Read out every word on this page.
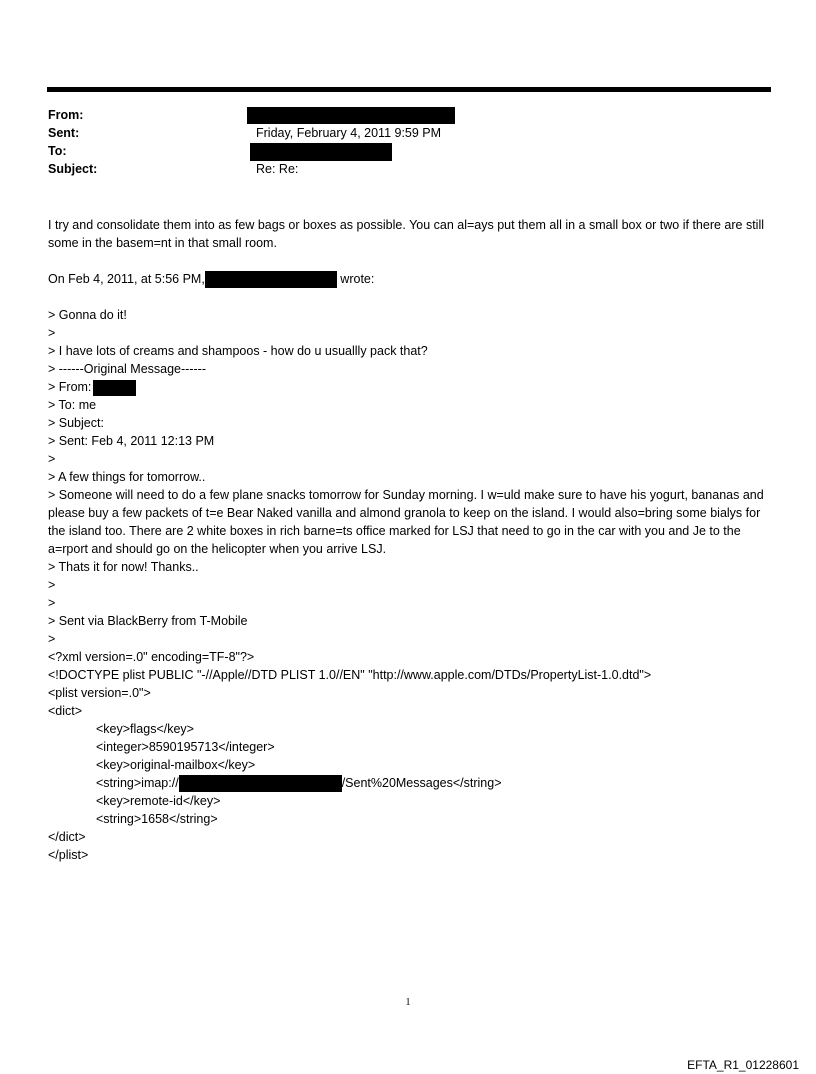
From:
Sent:	Friday, February 4, 2011 9:59 PM
To:
Subject:	Re: Re:

I try and consolidate them into as few bags or boxes as possible. You can al=ays put them all in a small box or two if there are still some in the basem=nt in that small room.

On Feb 4, 2011, at 5:56 PM,	wrote:

> Gonna do it!

>

> I have lots of creams and shampoos - how do u usuallly pack that?

> ------Original Message------

> From:

> To: me

> Subject:

> Sent: Feb 4, 2011 12:13 PM

>

> A few things for tomorrow..

> Someone will need to do a few plane snacks tomorrow for Sunday morning. I w=uld make sure to have his yogurt, bananas and please buy a few packets of t=e Bear Naked vanilla and almond granola to keep on the island. I would also=bring some bialys for the island too. There are 2 white boxes in rich barne=ts office marked for LSJ that need to go in the car with you and Je to the a=rport and should go on the helicopter when you arrive LSJ.

> Thats it for now! Thanks..

>

>

> Sent via BlackBerry from T-Mobile

>

<?xml version=.0" encoding=TF-8"?>

<!DOCTYPE plist PUBLIC "-//Apple//DTD PLIST 1.0//EN" "http://www.apple.com/DTDs/PropertyList-1.0.dtd">

<plist version=.0">

<dict>

<key>flags</key>

<integer>8590195713</integer>

<key>original-mailbox</key>

<string>imap://	/Sent%20Messages</string>

<key>remote-id</key>

<string>1658</string>

</dict>

</plist>

1
EFTA_R1_01228601
